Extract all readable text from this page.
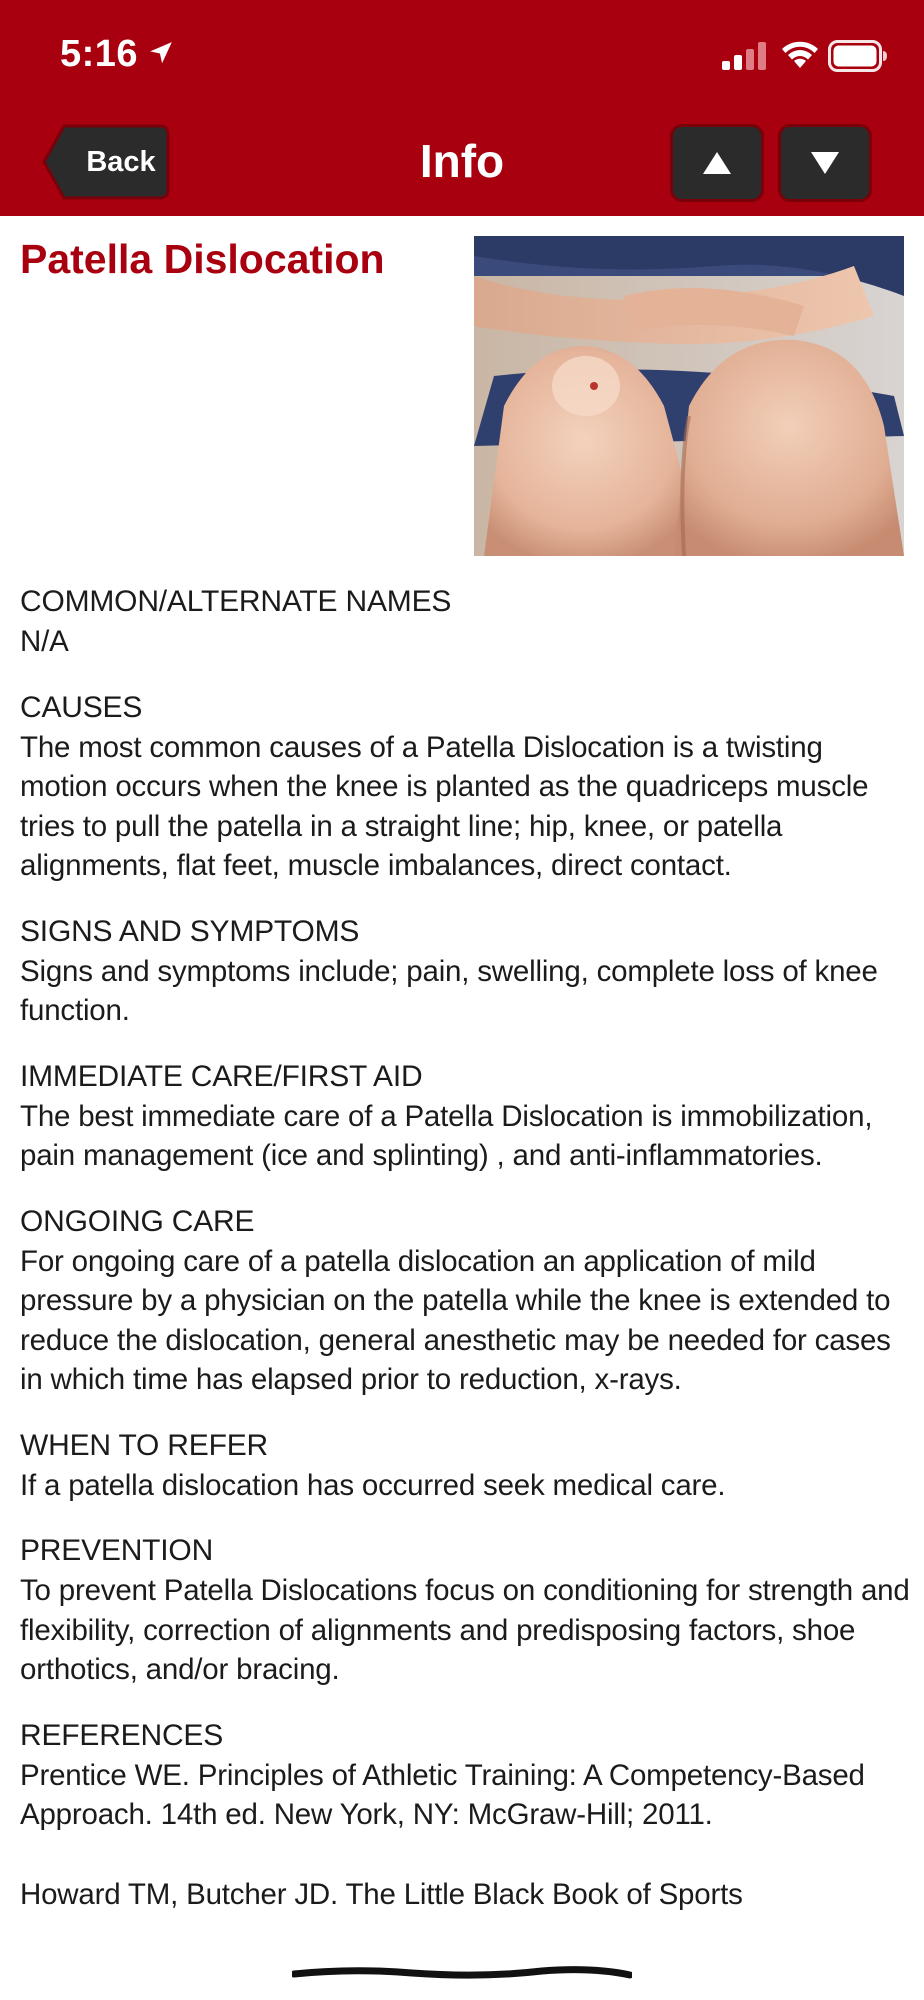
5:16
Back	Info
Patella Dislocation
COMMON/ALTERNATE NAMES
N/A
CAUSES
The most common causes of a Patella Dislocation is a twisting motion occurs when the knee is planted as the quadriceps muscle tries to pull the patella in a straight line; hip, knee, or patella alignments, flat feet, muscle imbalances, direct contact.
SIGNS AND SYMPTOMS
Signs and symptoms include; pain, swelling, complete loss of knee function.
IMMEDIATE CARE/FIRST AID
The best immediate care of a Patella Dislocation is immobilization, pain management (ice and splinting) , and anti-inflammatories.
ONGOING CARE
For ongoing care of a patella dislocation an application of mild pressure by a physician on the patella while the knee is extended to reduce the dislocation, general anesthetic may be needed for cases in which time has elapsed prior to reduction, x-rays.
WHEN TO REFER
If a patella dislocation has occurred seek medical care.
PREVENTION
To prevent Patella Dislocations focus on conditioning for strength and flexibility, correction of alignments and predisposing factors, shoe orthotics, and/or bracing.
REFERENCES
Prentice WE. Principles of Athletic Training: A Competency-Based Approach. 14th ed. New York, NY: McGraw-Hill; 2011.
Howard TM, Butcher JD. The Little Black Book of Sports
